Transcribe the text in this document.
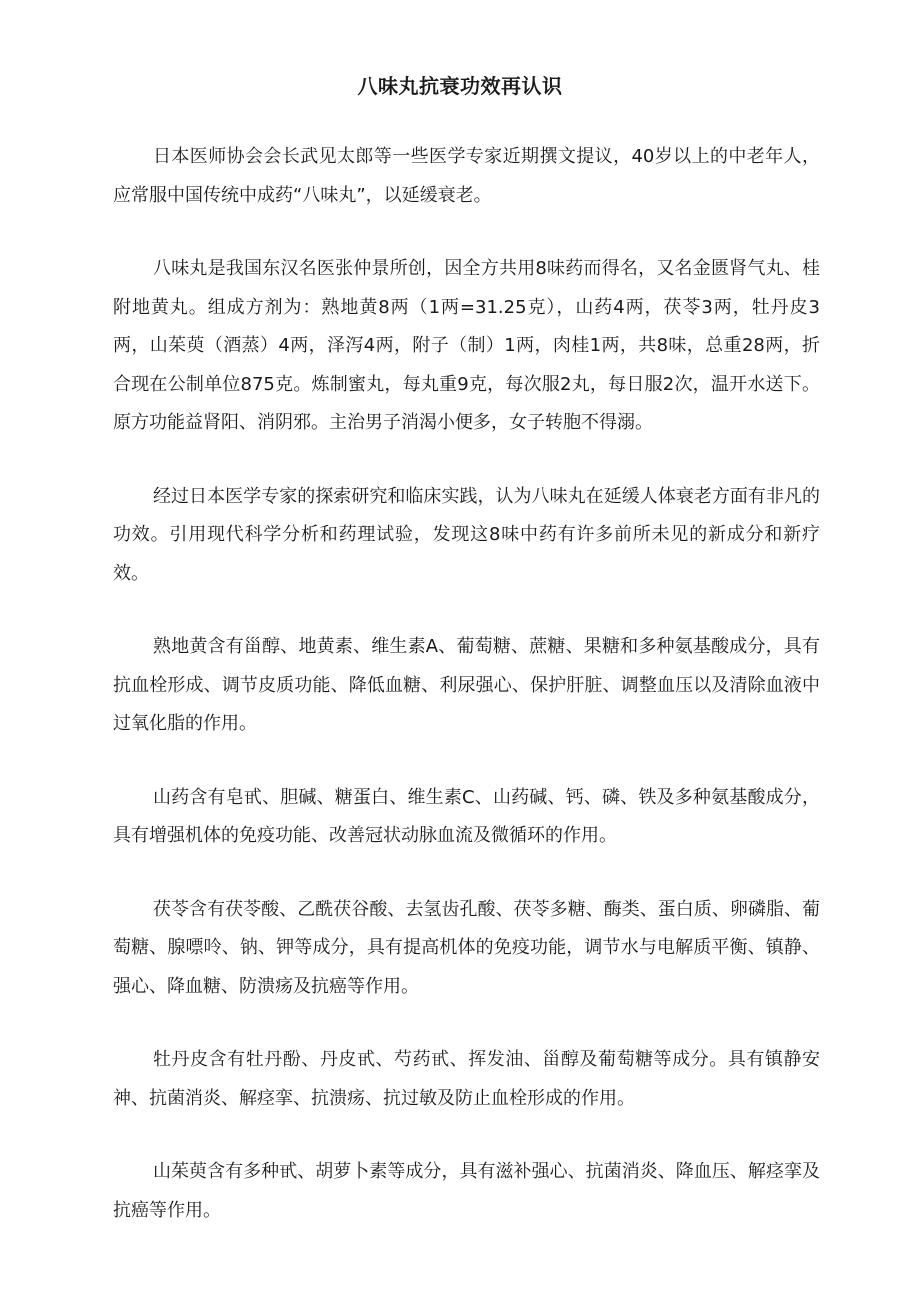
八味丸抗衰功效再认识

日本医师协会会长武见太郎等一些医学专家近期撰文提议，40岁以上的中老年人，应常服中国传统中成药“八味丸”，以延缓衰老。

八味丸是我国东汉名医张仲景所创，因全方共用8味药而得名，又名金匮肾气丸、桂附地黄丸。组成方剂为：熟地黄8两（1两=31.25克），山药4两，茯苓3两，牡丹皮3两，山茱萸（酒蒸）4两，泽泻4两，附子（制）1两，肉桂1两，共8味，总重28两，折合现在公制单位875克。炼制蜜丸，每丸重9克，每次服2丸，每日服2次，温开水送下。原方功能益肾阳、消阴邪。主治男子消渴小便多，女子转胞不得溺。

经过日本医学专家的探索研究和临床实践，认为八味丸在延缓人体衰老方面有非凡的功效。引用现代科学分析和药理试验，发现这8味中药有许多前所未见的新成分和新疗效。

熟地黄含有甾醇、地黄素、维生素A、葡萄糖、蔗糖、果糖和多种氨基酸成分，具有抗血栓形成、调节皮质功能、降低血糖、利尿强心、保护肝脏、调整血压以及清除血液中过氧化脂的作用。

山药含有皂甙、胆碱、糖蛋白、维生素C、山药碱、钙、磷、铁及多种氨基酸成分，具有增强机体的免疫功能、改善冠状动脉血流及微循环的作用。

茯苓含有茯苓酸、乙酰茯谷酸、去氢齿孔酸、茯苓多糖、酶类、蛋白质、卵磷脂、葡萄糖、腺嘌呤、钠、钾等成分，具有提高机体的免疫功能，调节水与电解质平衡、镇静、强心、降血糖、防溃疡及抗癌等作用。

牡丹皮含有牡丹酚、丹皮甙、芍药甙、挥发油、甾醇及葡萄糖等成分。具有镇静安神、抗菌消炎、解痉挛、抗溃疡、抗过敏及防止血栓形成的作用。

山茱萸含有多种甙、胡萝卜素等成分，具有滋补强心、抗菌消炎、降血压、解痉挛及抗癌等作用。
